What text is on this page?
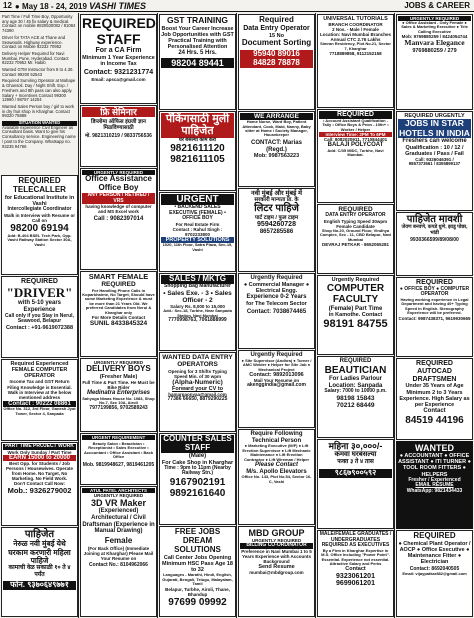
12 ● May 18 - 24, 2019 VASHI TIMES	JOBS & CAREER

Part Time / Full Time Boy, Opportunity any age 30 / 45 fix salary & medical. Contact on mobile 9820530082 / 81084 74390

Driver for TATA ACE at Thane and Seawoods. Highway experience. Contact on Mobile 92232 70952

Delivery Helper Required for Navi Mumbai, Pune, Hyderabad. Contact 92232 70952 Mr. Habib

Wanted GTM Instructor from 8 to 4.30. Contact 99200 52543

Required Sumiring Operator at Mahape & Ghansoli. Day / Night Shift. Exp. / Freshers and 8th pass can also apply. Salary + Incentives Contact 99300 12990 / 98797 14204

Wanted Sales Person boy / girl to work in dry fruit shop in Kharghar. Contact 99320 75888

SITUATION WANTED

Available experience Civil Engineer as Consultant basis. Want to give his Consultancy service. Engineering name / post to the Company. Whatsapp no. 93235 94766

REQUIRED TELECALLER
for Educational Institute in Vashi
Intercollegiate Coordinator
Walk in Interview with Resume or Call on
98200 69194
Add: B-404 BSEL Tech Park, Opp. Vashi Railway Station Sector 30A, Vashi
REQUIRED
"DRIVER"
with 5-10 years Experience
Call only if you Stay in Nerul, Seawood, Belapur
Contact : +91-9619072388
Required Experienced FEMALE COMPUTER OPERATOR
Income Tax and GST Return Filing Knowledge is Essential. Walk in Interview at the below mentioned address
Contact : 90222 08861
Office No. 312, 3rd Floor, Ganesh Jyot Tower, Sector 4, Sanpada
PART TIME PROJECT WORK
Work Only Sunday / Part Time
EARN 15000 to 20000
Best Opp. for Students / Job Persons / Housewives. Operate from Home. No Target, No Marketing. No Field Work.
Don't Contact Call Now:
Mob.: 9326279002
पाहिजेत
नेरुळ नवी मुंबई येथे घरकाम करणारी महिला पाहिजे
कामाची वेळ सकाळी १० ते ४ पर्यंत
फोन. ९३७०६४९७७१
REQUIRED STAFF
For a CA Firm
Minimum 1 Year Experience in Income Tax
Contact: 9321231774
Email: apsca@gmail.com
फ्रि सेमिनार
डिप्लोमा ऑफिस इंग्रजी ज्ञान मिळविण्यासाठी
मो. 9821310219 / 9833756536
URGENTLY REQUIRED
Office Assistance
Office Boy
ANY PERSON / RETIRED / VRS
having knowledge of computer and MS Excel work
Call : 9082397014
SMART FEMALE
REQUIRED
For Handling Phone Calls in Koparkhairne, No Target, Should have some Marketing Experience & must be more than 21 Years Old. We preferred Candidates from Nerul & Kharghar only
For More Details Contact
SUNIL 8433845324
URGENTLY REQUIRED
DELIVERY BOYS
(Fresher Male)
Full Time & Part Time. He Must be Bike Rider
Medinatra Enterprises
Sahyoga Niwas House No. 1083, Shop No.7, Sec 10A, Airoli
7977199856, 9702589243
URGENT REQUIREMENT
Beauty Salon • Beautician • Receptionist • Sales Executive • Accountant • Office Assistant • Back Office
Mob. 9819948627, 9819461205
ATUL PATEL ARCHITECTS
URGENTLY REQUIRED
3D VR Maker
(Experienced) Architectural / Civil Draftsman (Experience in Manual Drawing)
Female
(For Back Office) (Immediate Joining at Kharghar) Please Mail Your Resume on
Contact No.: 8104962066
GST TRAINING
Boost Your Career Increase Job Opportunities with GST Practical Training with Personalised Attention
24 Hrs. 5 Hrs.
98204 89441
पॅकिंगसाठी मुली पाहिजेत
घर बसल्या काम करा
9821611120
9821611105
URGENT
• BACKEND SALES EXECUTIVE (FEMALE) • OFFICE BOY
For Real Estate Firm
Contact : Rahul Singh : 9702233800
PROPERTY SOLUTIONS
1020, 11th Floor, Satra Plaza, Sec-19, Vashi
SALES / MKTG
Shopping Bag Manufacturer
• Sales Exe. - 3 • Sales Officer - 2
Salary Rs. 8,000 to 15,000
Add.: Sec-18, Turbhe, Near Sanpada Station, Navi Mumbai
7770998763, 7061888999
WANTED DATA ENTRY OPERATORS
Opening for 3 Shifts Typing Speed Min. of 30 wpm
(Alpha-Numeric)
Forward your CV to
hamargaonyaa@gmail.com
77386 66650, 8879290225
COUNTER SALES STAFF
(Male)
For Cake Shop in Kharghar
Time : 9pm to 11pm (Nearby Railway Stn.)
9167902191
9892161640
FREE JOBS DREAM SOLUTIONS
Call Center Jobs Opening Minimum HSC Pass Age 18 to 32
Languages - Marathi, Hindi, English, Gujarati, Bengali, Telugu, Malayalam, Tamil
Belapur, Turbhe, Airoli, Thane, Bhandup
97699 09992
Required
Data Entry Operator
15 No
Document Sorting
95940 89016
84828 78878
WE ARRANGE
Home Nurse, Ward Boy, Patient Attendant, Cook, Maid, Nanny, Baby sitter at Home / Society Manager, Housekeeper
CONTACT: Marias (Regd.)
Mob: 9987563223
नवी मुंबई और मुंबई में
सरकारी मान्यता प्रा. के
लिटर पाहिजे
पार्ट टाइम / फुल टाइम
9594260728
8657285586
Urgently Required
● Commercial Manager ● Electrical Engg.
Experience 0-2 Years
for The Telecom Sector
Contact: 7038674465
Urgently Required
● Site Supervisor (Andhra) ● Turner / AMC Welder ● Helper for Site Job ● Mechanical Project
Contact: 9892013096
Mail Your Resume on
akenggindia@gmail.com
Require Following Technical Person
● Marketing Executive (M/F) ● Lift Erection Supervisor ● Lift Mechanic Maintenance ● Lift Erection Contractor ● Lift Wireman / Helper
Please Contact
M/s. Apollo Elevators
Office No. 143, Plot No.54, Sector 16-C, Vashi
MBD GROUP
URGENTLY REQUIRED
BILLING CO-ORDINATOR
Preference in Navi Mumbai 1 to 5 Years Experience with Accounts Background
Send Resume
mumbai@mbdgroup.com
UNIVERSAL TUTORIALS
BRANCH COORDINATOR
2 Nos. - Male / Female
Location: Navi Mumbai Branches
Annual CTC 2.76 Lakhs
Simran Residency, Plot No.21, Sector 7, Kharghar
7718889858, 9112152158
REQUIRED
• Account Assistant Qualification - Tally • Office Boys & Peon - 10th+ • Worker / Helper
Interview Time: 2PM To 6PM
Call: 8082020911, 7710844401
BALAJI POLYCOAT
Add: C/35 MIDC, Turbhe, Navi Mumbai.
REQUIRED
DATA ENTRY OPERATOR
English Typing Speed 30wpm Female Candidate
Shop No.20, Ground Floor, Vindhya Complex, Sec - 11, CBD Belapur, Navi Mumbai
DEVRAJ PETKAR - 8652065281
Urgently Required
COMPUTER FACULTY
(Female) Part Time
in Kamothe. Contact
98191 84755
REQUIRED
BEAUTICIAN
For Ladies Parlour Location: Sanpada
Salary: 7000 to 10000 p.m.
98198 15843
70212 68449
महिना ३०,०००/-
कमवा घरबसल्या
फक्त ३ ते ४ तास
९८६७९००५९२
MALE/FEMALE GRADUATES / UNDERGRADUATES REQUIRED AS EXECUTIVES
By a Firm in Kharghar Expertise in M.S. Office Including "Power Point". Essential. Experience not essential. Attractive Salary and Perks
Contact
9323061201
9699061201
URGENTLY REQUIRED
● Office Assistant - Only Female ● Sales & Marketing Executive ● Tele Calling Executive
Mob: 9769880259 / 8424054744
Manvara Elegance
9769880259 / 279
REQUIRED URGENTLY
JOBS IN STAR HOTELS IN INDIA
Freshers can welcome
Qualification : 10 / 12 / Graduates / Pass / Fail
Call: 9326046391 /
9867373561 / 8355899137
पाहिजेत मावशी
जेवण बनवणे, कपडे धुणे, झाडू पोछा, भांडी
9930366599/89/08/00
REQUIRED
● OFFICE BOY ● COMPUTER OPERATOR
Having working experience in Legal Department and having 40+ Typing Speed in English. Stenography Experience will be preferred.
Contact: 9987438371, 9619930665
REQUIRED AUTOCAD DRAFTSMEN
Under 35 Years of Age Minimum 2 to 3 Years Experience. High Salary as per Experience
Contact
84519 44196
WANTED
● ACCOUNTANT ● OFFICE ASSISTANT ● ITI TURNER ● TOOL ROOM FITTERS ● HELPERS
Fresher / Experienced
EMAIL RESUME
WhatsApp: 9821434433
REQUIRED
● Chemical Plant Operator / AOCP ● Office Executive ● Maintenance Fitter ● Electrician
Contact: 8692040505
Email: vijaypatkar882@gmail.com
